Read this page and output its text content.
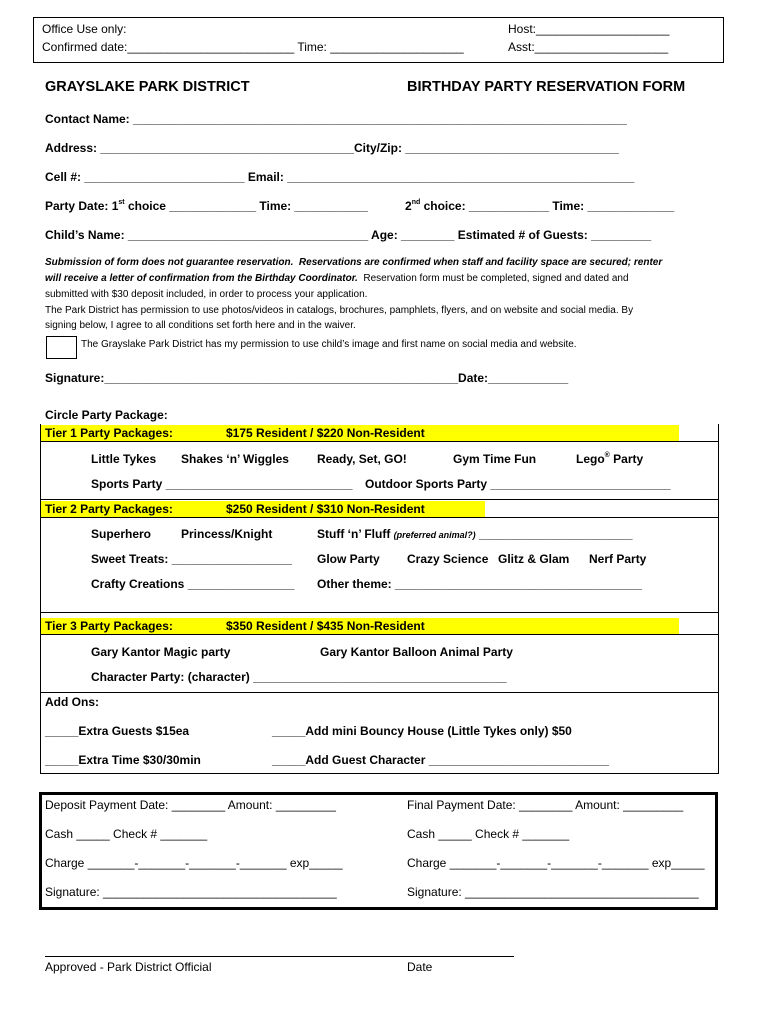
Office Use only:
Confirmed date:_________________________ Time: ____________________
Host:____________________
Asst:____________________
GRAYSLAKE PARK DISTRICT	BIRTHDAY PARTY RESERVATION FORM
Contact Name: __________________________________________________________________________
Address: ______________________________________City/Zip: ________________________________
Cell #: ________________________ Email: ____________________________________________________
Party Date: 1st choice _____________ Time: ___________	2nd choice: ____________ Time: _____________
Child’s Name: ____________________________________ Age: ________ Estimated # of Guests: _________
Submission of form does not guarantee reservation.  Reservations are confirmed when staff and facility space are secured; renter
will receive a letter of confirmation from the Birthday Coordinator.  Reservation form must be completed, signed and dated and
submitted with $30 deposit included, in order to process your application.
The Park District has permission to use photos/videos in catalogs, brochures, pamphlets, flyers, and on website and social media. By
signing below, I agree to all conditions set forth here and in the waiver.
The Grayslake Park District has my permission to use child’s image and first name on social media and website.
Signature:_____________________________________________________Date:____________
Circle Party Package:
Tier 1 Party Packages:	$175 Resident / $220 Non-Resident
Little Tykes Shakes ‘n’ Wiggles Ready, Set, GO!	Gym Time Fun	Lego® Party
Sports Party ____________________________ Outdoor Sports Party ___________________________
Tier 2 Party Packages:	$250 Resident / $310 Non-Resident
Superhero Princess/Knight	Stuff ‘n’ Fluff (preferred animal?) _______________________
Sweet Treats: __________________ Glow Party Crazy Science Glitz & Glam Nerf Party
Crafty Creations ________________ Other theme: _____________________________________
Tier 3 Party Packages:	$350 Resident / $435 Non-Resident
Gary Kantor Magic party	Gary Kantor Balloon Animal Party
Character Party: (character) ______________________________________
Add Ons:
_____Extra Guests $15ea	_____Add mini Bouncy House (Little Tykes only) $50
_____Extra Time $30/30min	_____Add Guest Character ___________________________
Deposit Payment Date: ________ Amount: _________	Final Payment Date: ________ Amount: _________
Cash _____ Check # _______	Cash _____ Check # _______
Charge _______-_______-_______-_______ exp_____	Charge _______-_______-_______-_______ exp_____
Signature: ___________________________________	Signature: ___________________________________
Approved - Park District Official	Date
